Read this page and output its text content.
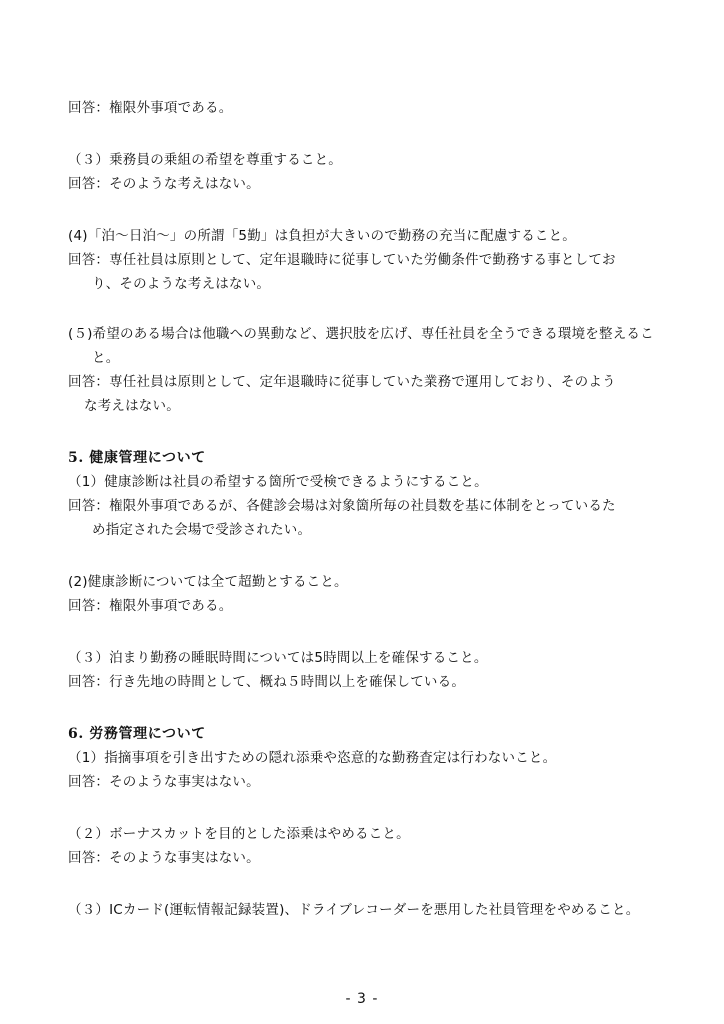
回答：権限外事項である。
（３）乗務員の乗組の希望を尊重すること。
回答：そのような考えはない。
(4)「泊～日泊～」の所謂「5勤」は負担が大きいので勤務の充当に配慮すること。
回答：専任社員は原則として、定年退職時に従事していた労働条件で勤務する事としてお
り、そのような考えはない。
(５)希望のある場合は他職への異動など、選択肢を広げ、専任社員を全うできる環境を整えるこ
と。
回答：専任社員は原則として、定年退職時に従事していた業務で運用しており、そのよう
な考えはない。
5. 健康管理について
（1）健康診断は社員の希望する箇所で受検できるようにすること。
回答：権限外事項であるが、各健診会場は対象箇所毎の社員数を基に体制をとっているた
め指定された会場で受診されたい。
(2)健康診断については全て超勤とすること。
回答：権限外事項である。
（３）泊まり勤務の睡眠時間については5時間以上を確保すること。
回答：行き先地の時間として、概ね５時間以上を確保している。
6. 労務管理について
（1）指摘事項を引き出すための隠れ添乗や恣意的な勤務査定は行わないこと。
回答：そのような事実はない。
（２）ボーナスカットを目的とした添乗はやめること。
回答：そのような事実はない。
（３）ICカード(運転情報記録装置)、ドライブレコーダーを悪用した社員管理をやめること。
- 3 -
